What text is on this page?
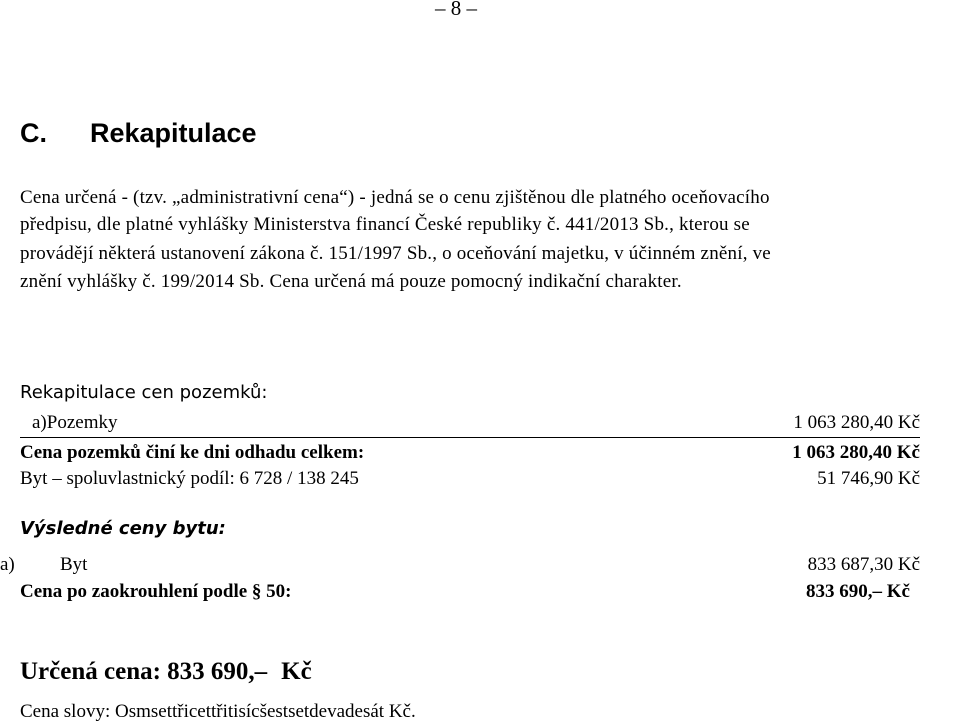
– 8 –
C. Rekapitulace
Cena určená - (tzv. „administrativní cena“) - jedná se o cenu zjištěnou dle platného oceňovacího
předpisu, dle platné vyhlášky Ministerstva financí České republiky č. 441/2013 Sb., kterou se
provádějí některá ustanovení zákona č. 151/1997 Sb., o oceňování majetku, v účinném znění, ve
znění vyhlášky č. 199/2014 Sb. Cena určená má pouze pomocný indikační charakter.
Rekapitulace cen pozemků:
a)Pozemky	1 063 280,40 Kč
Cena pozemků činí ke dni odhadu celkem:	1 063 280,40 Kč
Byt – spoluvlastnický podíl: 6 728 / 138 245	51 746,90 Kč
Výsledné ceny bytu:
a) Byt	833 687,30 Kč
Cena po zaokrouhlení podle § 50:	833 690,– Kč
Určená cena: 833 690,– Kč
Cena slovy: Osmsettřicettřitisícšestsetdevadesát Kč.
